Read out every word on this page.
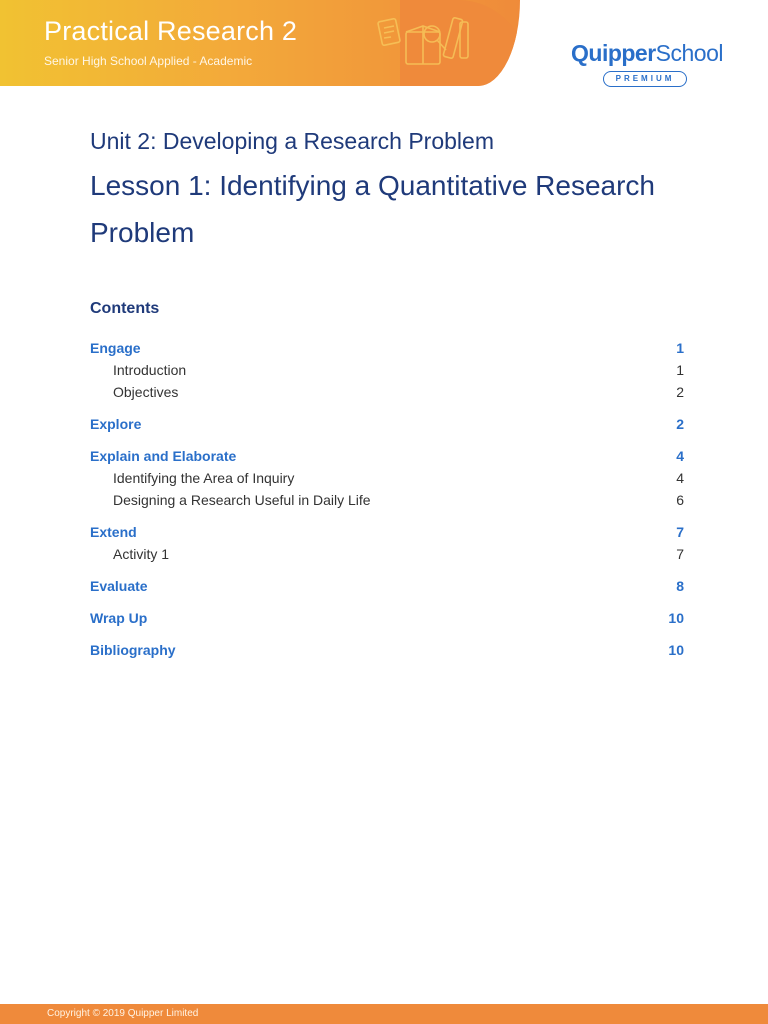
Practical Research 2
Senior High School Applied - Academic	QuipperSchool
PREMIUM
Unit 2: Developing a Research Problem
Lesson 1: Identifying a Quantitative Research Problem
Contents
Engage	1
Introduction	1
Objectives	2
Explore	2
Explain and Elaborate	4
Identifying the Area of Inquiry	4
Designing a Research Useful in Daily Life	6
Extend	7
Activity 1	7
Evaluate	8
Wrap Up	10
Bibliography	10
Copyright © 2019 Quipper Limited
